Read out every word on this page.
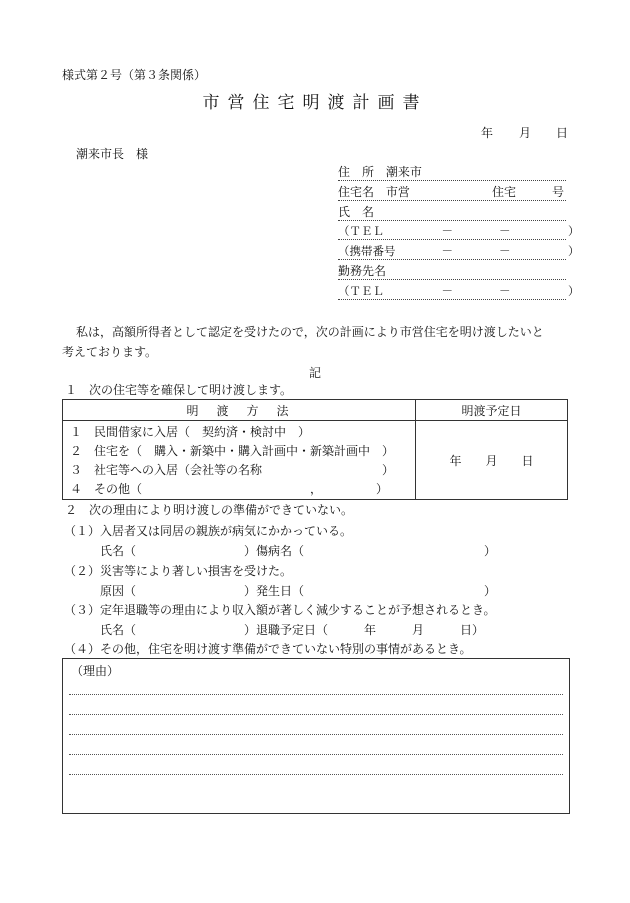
様式第２号（第３条関係）
市営住宅明渡計画書
年 月 日
潮来市長　様
住　所 潮来市
住宅名 市営	住宅	号
氏　名
（ＴＥＬ　　　　　－　　　　－　　　　　）
（携帯番号　　　　－　　　　－　　　　　）
勤務先名
（ＴＥＬ　　　　　－　　　　－　　　　　）
私は，高額所得者として認定を受けたので，次の計画により市営住宅を明け渡したいと
考えております。
記
１　次の住宅等を確保して明け渡します。
明　渡　方　法	明渡予定日

１　民間借家に入居（　契約済・検討中　）
２　住宅を（　購入・新築中・購入計画中・新築計画中　）
３　社宅等への入居（会社等の名称　　　　　　　　　　）
４　その他（　　　　　　　　　　　　　　，　　　　　）	年　　月　　日
２　次の理由により明け渡しの準備ができていない。
（１）入居者又は同居の親族が病気にかかっている。
氏名（　　　　　　　　　）傷病名（　　　　　　　　　　　　　　　）
（２）災害等により著しい損害を受けた。
原因（　　　　　　　　　）発生日（　　　　　　　　　　　　　　　）
（３）定年退職等の理由により収入額が著しく減少することが予想されるとき。
氏名（　　　　　　　　　）退職予定日（　　　年　　　月　　　日）
（４）その他，住宅を明け渡す準備ができていない特別の事情があるとき。
（理由）
